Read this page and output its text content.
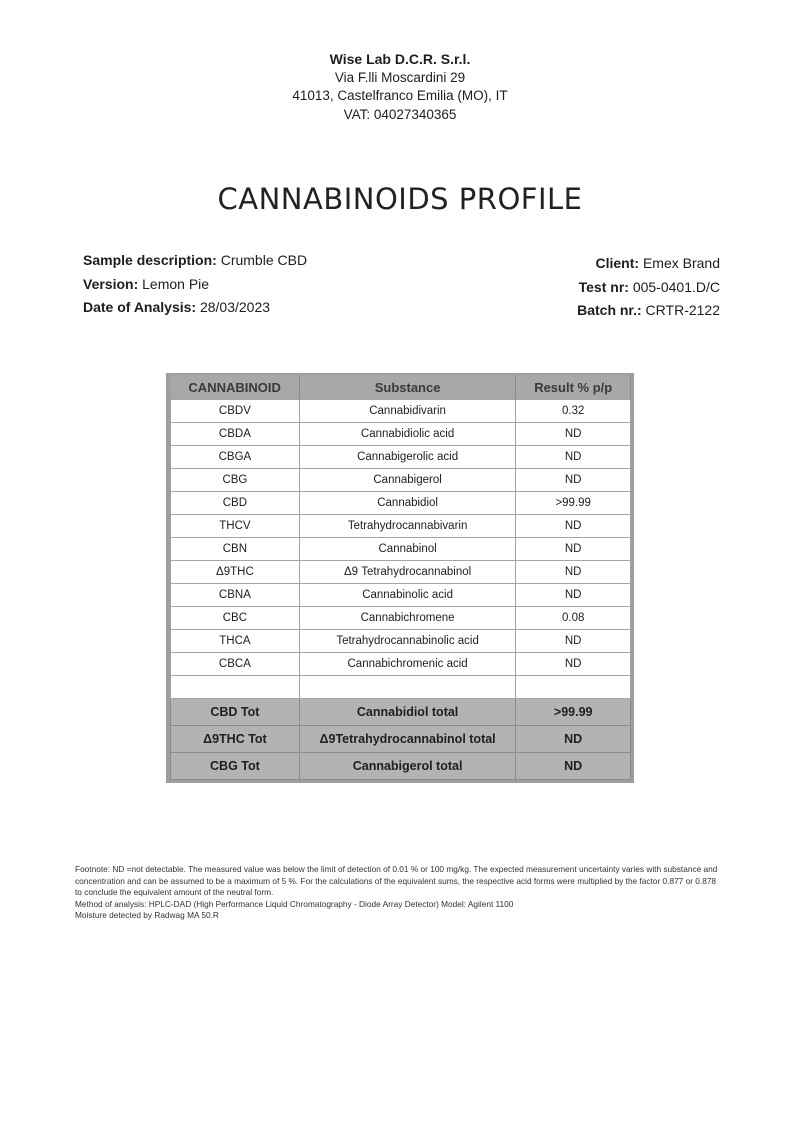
Wise Lab D.C.R. S.r.l.
Via F.lli Moscardini 29
41013, Castelfranco Emilia (MO), IT
VAT: 04027340365
CANNABINOIDS PROFILE
Sample description: Crumble CBD
Version: Lemon Pie
Date of Analysis: 28/03/2023
Client: Emex Brand
Test nr: 005-0401.D/C
Batch nr.: CRTR-2122
CANNABINOID	Substance	Result % p/p
CBDV	Cannabidivarin	0.32
CBDA	Cannabidiolic acid	ND
CBGA	Cannabigerolic acid	ND
CBG	Cannabigerol	ND
CBD	Cannabidiol	>99.99
THCV	Tetrahydrocannabivarin	ND
CBN	Cannabinol	ND
Δ9THC	Δ9 Tetrahydrocannabinol	ND
CBNA	Cannabinolic acid	ND
CBC	Cannabichromene	0.08
THCA	Tetrahydrocannabinolic acid	ND
CBCA	Cannabichromenic acid	ND

CBD Tot	Cannabidiol total	>99.99
Δ9THC Tot	Δ9Tetrahydrocannabinol total	ND
CBG Tot	Cannabigerol total	ND
Footnote: ND =not detectable. The measured value was below the limit of detection of 0.01 % or 100 mg/kg. The expected measurement uncertainty varies with substance and concentration and can be assumed to be a maximum of 5 %. For the calculations of the equivalent sums, the respective acid forms were multiplied by the factor 0.877 or 0.878 to conclude the equivalent amount of the neutral form.
Method of analysis: HPLC-DAD (High Performance Liquid Chromatography - Diode Array Detector) Model: Agilent 1100
Moisture detected by Radwag MA 50.R
